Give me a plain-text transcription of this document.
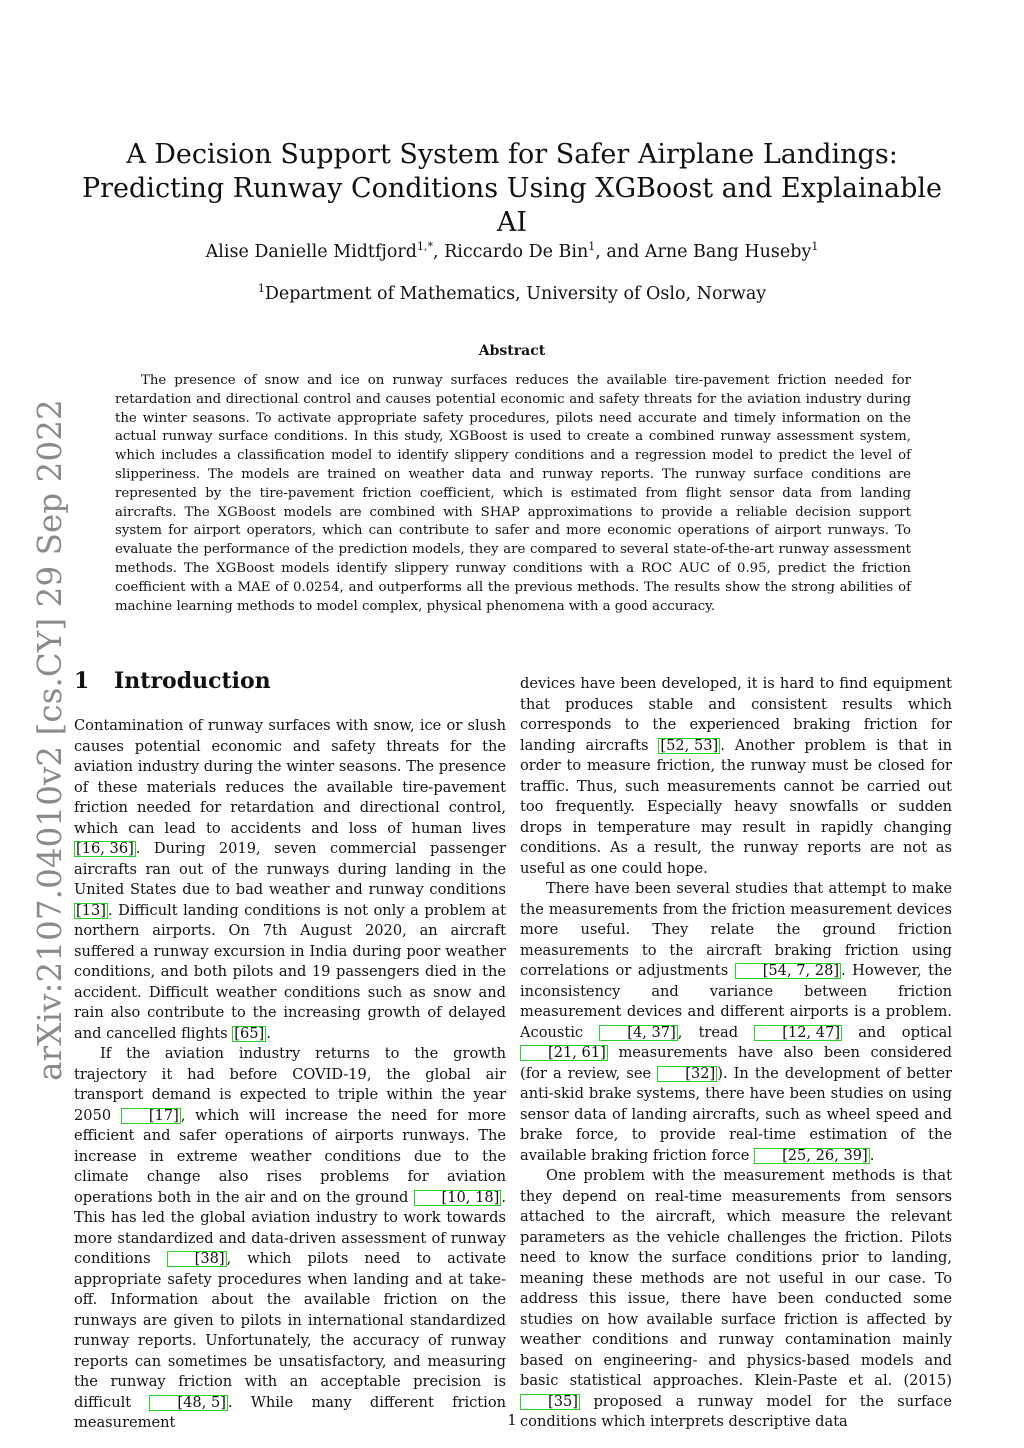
arXiv:2107.04010v2 [cs.CY] 29 Sep 2022
A Decision Support System for Safer Airplane Landings: Predicting Runway Conditions Using XGBoost and Explainable AI
Alise Danielle Midtfjord$^{1,*}$, Riccardo De Bin$^1$, and Arne Bang Huseby$^1$
$^1$Department of Mathematics, University of Oslo, Norway
Abstract

The presence of snow and ice on runway surfaces reduces the available tire-pavement friction needed for retardation and directional control and causes potential economic and safety threats for the aviation industry during the winter seasons. To activate appropriate safety procedures, pilots need accurate and timely information on the actual runway surface conditions. In this study, XGBoost is used to create a combined runway assessment system, which includes a classification model to identify slippery conditions and a regression model to predict the level of slipperiness. The models are trained on weather data and runway reports. The runway surface conditions are represented by the tire-pavement friction coefficient, which is estimated from flight sensor data from landing aircrafts. The XGBoost models are combined with SHAP approximations to provide a reliable decision support system for airport operators, which can contribute to safer and more economic operations of airport runways. To evaluate the performance of the prediction models, they are compared to several state-of-the-art runway assessment methods. The XGBoost models identify slippery runway conditions with a ROC AUC of 0.95, predict the friction coefficient with a MAE of 0.0254, and outperforms all the previous methods. The results show the strong abilities of machine learning methods to model complex, physical phenomena with a good accuracy.

1 Introduction

Contamination of runway surfaces with snow, ice or slush causes potential economic and safety threats for the aviation industry during the winter seasons. The presence of these materials reduces the available tire-pavement friction needed for retardation and directional control, which can lead to accidents and loss of human lives [16, 36] . During 2019, seven commercial passenger aircrafts ran out of the runways during landing in the United States due to bad weather and runway conditions [13] . Difficult landing conditions is not only a problem at northern airports. On 7th August 2020, an aircraft suffered a runway excursion in India during poor weather conditions, and both pilots and 19 passengers died in the accident. Difficult weather conditions such as snow and rain also contribute to the increasing growth of delayed and cancelled flights [65] .

If the aviation industry returns to the growth trajectory it had before COVID-19, the global air transport demand is expected to triple within the year 2050 [17] , which will increase the need for more efficient and safer operations of airports runways. The increase in extreme weather conditions due to the climate change also rises problems for aviation operations both in the air and on the ground [10, 18] . This has led the global aviation industry to work towards more standardized and data-driven assessment of runway conditions [38] , which pilots need to activate appropriate safety procedures when landing and at take-off. Information about the available friction on the runways are given to pilots in international standardized runway reports. Unfortunately, the accuracy of runway reports can sometimes be unsatisfactory, and measuring the runway friction with an acceptable precision is difficult [48, 5] . While many different friction measurement

devices have been developed, it is hard to find equipment that produces stable and consistent results which corresponds to the experienced braking friction for landing aircrafts [52, 53] . Another problem is that in order to measure friction, the runway must be closed for traffic. Thus, such measurements cannot be carried out too frequently. Especially heavy snowfalls or sudden drops in temperature may result in rapidly changing conditions. As a result, the runway reports are not as useful as one could hope.

There have been several studies that attempt to make the measurements from the friction measurement devices more useful. They relate the ground friction measurements to the aircraft braking friction using correlations or adjustments [54, 7, 28] . However, the inconsistency and variance between friction measurement devices and different airports is a problem. Acoustic [4, 37] , tread [12, 47] and optical [21, 61] measurements have also been considered (for a review, see [32] ). In the development of better anti-skid brake systems, there have been studies on using sensor data of landing aircrafts, such as wheel speed and brake force, to provide real-time estimation of the available braking friction force [25, 26, 39] .

One problem with the measurement methods is that they depend on real-time measurements from sensors attached to the aircraft, which measure the relevant parameters as the vehicle challenges the friction. Pilots need to know the surface conditions prior to landing, meaning these methods are not useful in our case. To address this issue, there have been conducted some studies on how available surface friction is affected by weather conditions and runway contamination mainly based on engineering- and physics-based models and basic statistical approaches. Klein-Paste et al. (2015) [35] proposed a runway model for the surface conditions which interprets descriptive data

1
